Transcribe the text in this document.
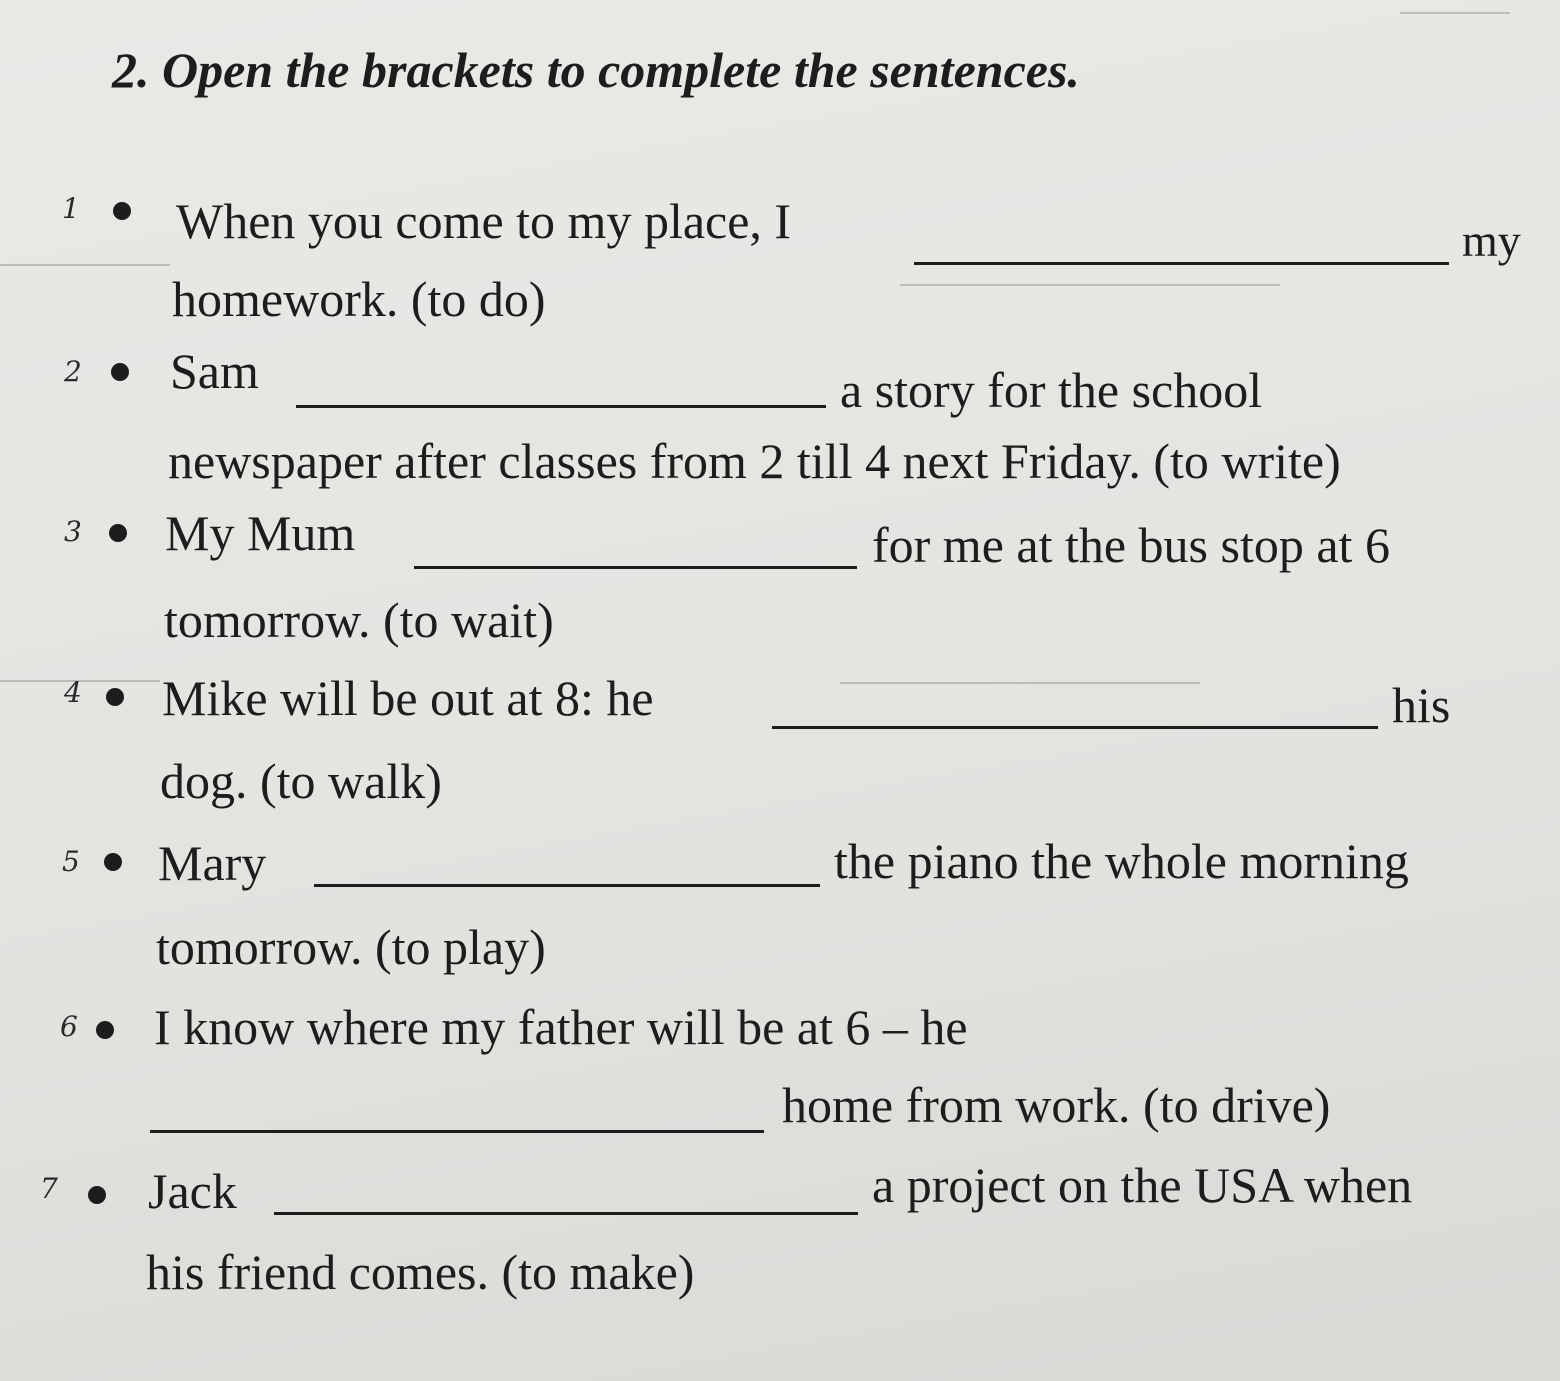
2. Open the brackets to complete the sentences.
1 When you come to my place, I	my
homework. (to do)
2 Sam	a story for the school
newspaper after classes from 2 till 4 next Friday. (to write)
3 My Mum	for me at the bus stop at 6
tomorrow. (to wait)
4 Mike will be out at 8: he	his
dog. (to walk)
5 Mary	the piano the whole morning
tomorrow. (to play)
6 I know where my father will be at 6 – he
home from work. (to drive)
7 Jack	a project on the USA when
his friend comes. (to make)
